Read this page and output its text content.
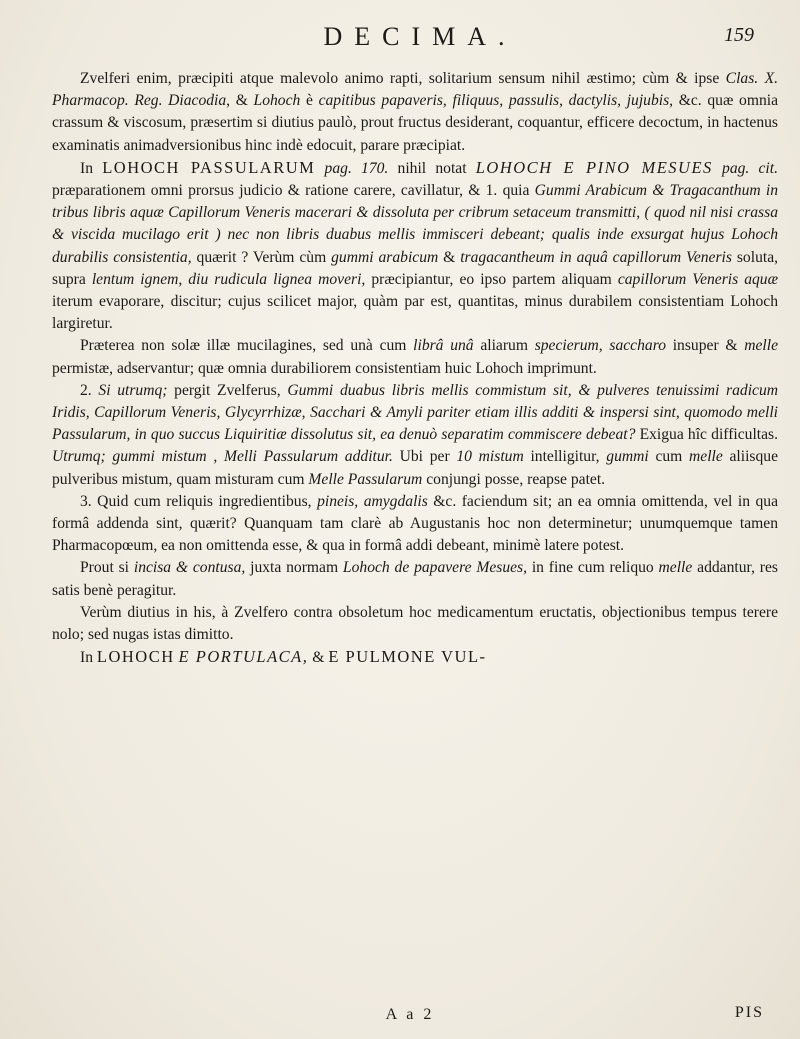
DECIMA.	159

Zvelferi enim, præcipiti atque malevolo animo rapti, solitarium sensum nihil æstimo; cùm & ipse Clas. X. Pharmacop. Reg. Diacodia, & Lohoch è capitibus papaveris, filiquus, passulis, dactylis, jujubis, &c. quæ omnia crassum & viscosum, præsertim si diutius paulò, prout fructus desiderant, coquantur, efficere decoctum, in hactenus examinatis animadversionibus hinc indè edocuit, parare præcipiat.

In LOHOCH PASSULARUM pag. 170. nihil notat LOHOCH E PINO MESUES pag. cit. præparationem omni prorsus judicio & ratione carere, cavillatur, & 1. quia Gummi Arabicum & Tragacanthum in tribus libris aquæ Capillorum Veneris macerari & dissoluta per cribrum setaceum transmitti, ( quod nil nisi crassa & viscida mucilago erit ) nec non libris duabus mellis immisceri debeant; qualis inde exsurgat hujus Lohoch durabilis consistentia, quærit ? Verùm cùm gummi arabicum & tragacantheum in aquâ capillorum Veneris soluta, supra lentum ignem, diu rudicula lignea moveri, præcipiantur, eo ipso partem aliquam capillorum Veneris aquæ iterum evaporare, discitur; cujus scilicet major, quàm par est, quantitas, minus durabilem consistentiam Lohoch largiretur.

Præterea non solæ illæ mucilagines, sed unà cum librâ unâ aliarum specierum, saccharo insuper & melle permistæ, adservantur; quæ omnia durabiliorem consistentiam huic Lohoch imprimunt.

2. Si utrumq; pergit Zvelferus, Gummi duabus libris mellis commistum sit, & pulveres tenuissimi radicum Iridis, Capillorum Veneris, Glycyrrhizæ, Sacchari & Amyli pariter etiam illis additi & inspersi sint, quomodo melli Passularum, in quo succus Liquiritiæ dissolutus sit, ea denuò separatim commiscere debeat? Exigua hîc difficultas. Utrumq; gummi mistum , Melli Passularum additur. Ubi per 10 mistum intelligitur, gummi cum melle aliisque pulveribus mistum, quam misturam cum Melle Passularum conjungi posse, reapse patet.

3. Quid cum reliquis ingredientibus, pineis, amygdalis &c. faciendum sit; an ea omnia omittenda, vel in qua formâ addenda sint, quærit? Quanquam tam clarè ab Augustanis hoc non determinetur; unumquemque tamen Pharmacopœum, ea non omittenda esse, & qua in formâ addi debeant, minimè latere potest.

Prout si incisa & contusa, juxta normam Lohoch de papavere Mesues, in fine cum reliquo melle addantur, res satis benè peragitur.

Verùm diutius in his, à Zvelfero contra obsoletum hoc medicamentum eructatis, objectionibus tempus terere nolo; sed nugas istas dimitto.

In LOHOCH E PORTULACA, & E PULMONE VUL-

A a 2	PIS
